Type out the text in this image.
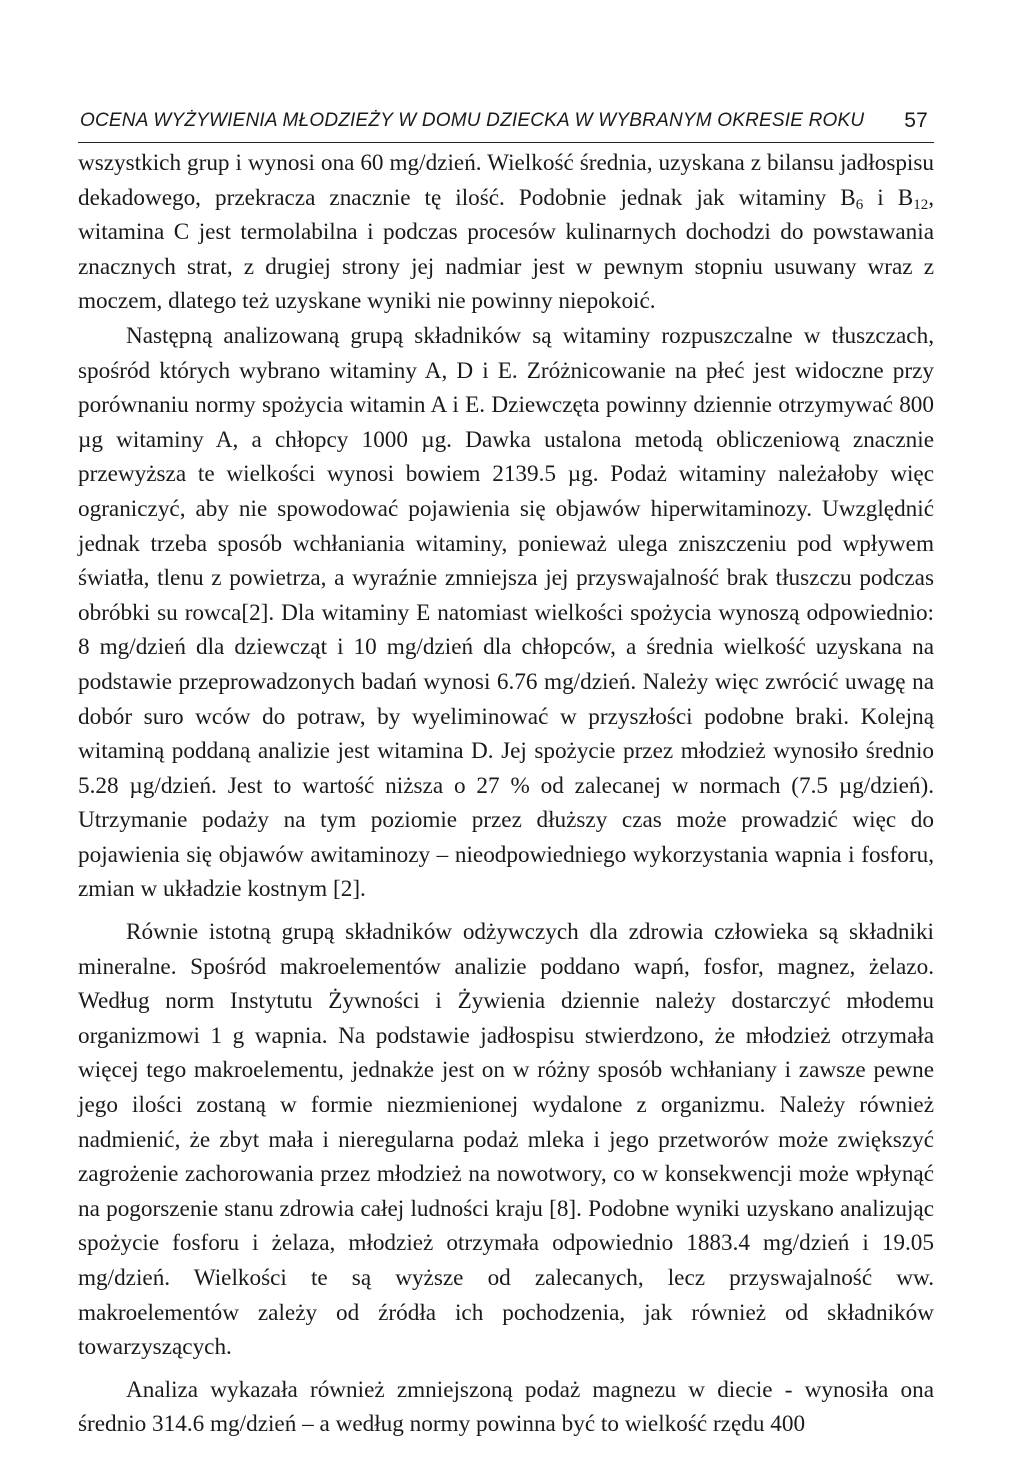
OCENA WYŻYWIENIA MŁODZIEŻY W DOMU DZIECKA W WYBRANYM OKRESIE ROKU 57

wszystkich grup i wynosi ona 60 mg/dzień. Wielkość średnia, uzyskana z bilansu jadłospisu dekadowego, przekracza znacznie tę ilość. Podobnie jednak jak witaminy $B_6$ i $B_{12}$, witamina C jest termolabilna i podczas procesów kulinarnych dochodzi do powstawania znacznych strat, z drugiej strony jej nadmiar jest w pewnym stopniu usuwany wraz z moczem, dlatego też uzyskane wyniki nie powinny niepokoić.

Następną analizowaną grupą składników są witaminy rozpuszczalne w tłuszczach, spośród których wybrano witaminy A, D i E. Zróżnicowanie na płeć jest widoczne przy porównaniu normy spożycia witamin A i E. Dziewczęta powinny dziennie otrzymywać 800 µg witaminy A, a chłopcy 1000 µg. Dawka ustalona metodą obliczeniową znacznie przewyższa te wielkości wynosi bowiem 2139.5 µg. Podaż witaminy należałoby więc ograniczyć, aby nie spowodować pojawienia się objawów hiperwitaminozy. Uwzględnić jednak trzeba sposób wchłaniania witaminy, ponieważ ulega zniszczeniu pod wpływem światła, tlenu z powietrza, a wyraźnie zmniejsza jej przyswajalność brak tłuszczu podczas obróbki su rowca[2]. Dla witaminy E natomiast wielkości spożycia wynoszą odpowiednio: 8 mg/dzień dla dziewcząt i 10 mg/dzień dla chłopców, a średnia wielkość uzyskana na podstawie przeprowadzonych badań wynosi 6.76 mg/dzień. Należy więc zwrócić uwagę na dobór suro wców do potraw, by wyeliminować w przyszłości podobne braki. Kolejną witaminą poddaną analizie jest witamina D. Jej spożycie przez młodzież wynosiło średnio 5.28 µg/dzień. Jest to wartość niższa o 27 % od zalecanej w normach (7.5 µg/dzień). Utrzymanie podaży na tym poziomie przez dłuższy czas może prowadzić więc do pojawienia się objawów awitaminozy – nieodpowiedniego wykorzystania wapnia i fosforu, zmian w układzie kostnym [2].

Równie istotną grupą składników odżywczych dla zdrowia człowieka są składniki mineralne. Spośród makroelementów analizie poddano wapń, fosfor, magnez, żelazo. Według norm Instytutu Żywności i Żywienia dziennie należy dostarczyć młodemu organizmowi 1 g wapnia. Na podstawie jadłospisu stwierdzono, że młodzież otrzymała więcej tego makroelementu, jednakże jest on w różny sposób wchłaniany i zawsze pewne jego ilości zostaną w formie niezmienionej wydalone z organizmu. Należy również nadmienić, że zbyt mała i nieregularna podaż mleka i jego przetworów może zwiększyć zagrożenie zachorowania przez młodzież na nowotwory, co w konsekwencji może wpłynąć na pogorszenie stanu zdrowia całej ludności kraju [8]. Podobne wyniki uzyskano analizując spożycie fosforu i żelaza, młodzież otrzymała odpowiednio 1883.4 mg/dzień i 19.05 mg/dzień. Wielkości te są wyższe od zalecanych, lecz przyswajalność ww. makroelementów zależy od źródła ich pochodzenia, jak również od składników towarzyszących.

Analiza wykazała również zmniejszoną podaż magnezu w diecie - wynosiła ona średnio 314.6 mg/dzień – a według normy powinna być to wielkość rzędu 400
